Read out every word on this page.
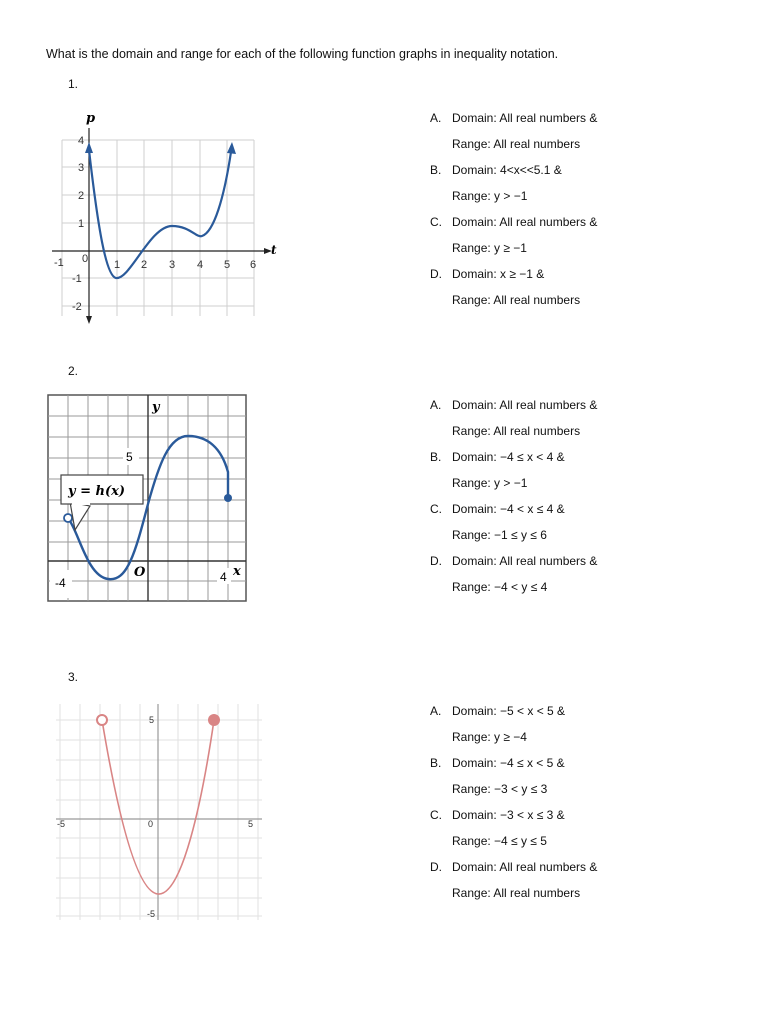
What is the domain and range for each of the following function graphs in inequality notation.
1.
p
t
-1 0 1 2 3 4 5 6
4
3
2
1
-1
-2
A. Domain: All real numbers &
Range: All real numbers
B. Domain: 4<x<<5.1 &
Range: y > −1
C. Domain: All real numbers &
Range: y ≥ −1
D. Domain: x ≥ −1 &
Range: All real numbers
2.
y
x
5
-4	4
O
y = h(x)
A. Domain: All real numbers &
Range: All real numbers
B. Domain: −4 ≤ x < 4 &
Range: y > −1
C. Domain: −4 < x ≤ 4 &
Range: −1 ≤ y ≤ 6
D. Domain: All real numbers &
Range: −4 < y ≤ 4
3.
5
-5	0	5
-5
A. Domain: −5 < x < 5 &
Range: y ≥ −4
B. Domain: −4 ≤ x < 5 &
Range: −3 < y ≤ 3
C. Domain: −3 < x ≤ 3 &
Range: −4 ≤ y ≤ 5
D. Domain: All real numbers &
Range: All real numbers
